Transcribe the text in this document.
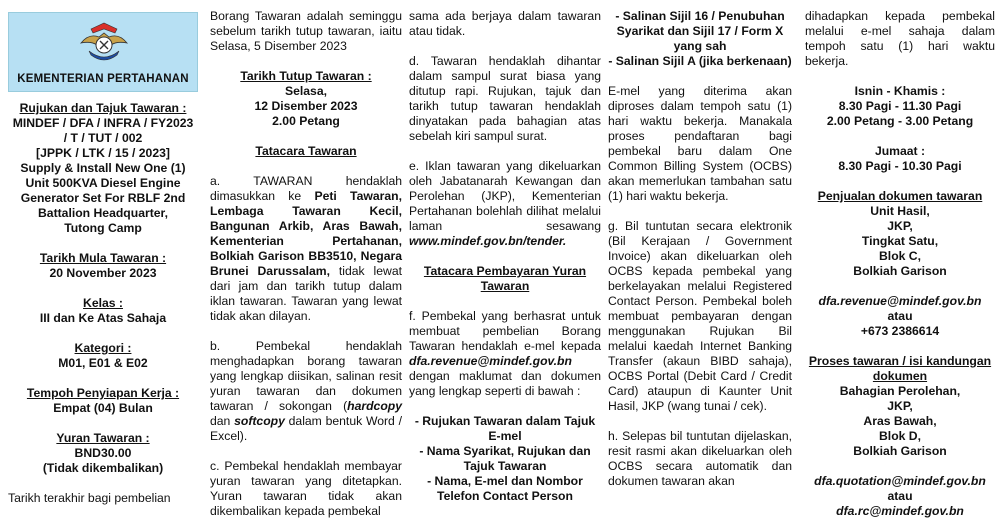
KEMENTERIAN PERTAHANAN
Rujukan dan Tajuk Tawaran :
MINDEF / DFA / INFRA / FY2023
/ T / TUT / 002
[JPPK / LTK / 15 / 2023]
Supply & Install New One (1)
Unit 500KVA Diesel Engine
Generator Set For RBLF 2nd
Battalion Headquarter,
Tutong Camp
Tarikh Mula Tawaran :
20 November 2023
Kelas :
III dan Ke Atas Sahaja
Kategori :
M01, E01 & E02
Tempoh Penyiapan Kerja :
Empat (04) Bulan
Yuran Tawaran :
BND30.00
(Tidak dikembalikan)
Tarikh terakhir bagi pembelian
Borang Tawaran adalah seminggu sebelum tarikh tutup tawaran, iaitu Selasa, 5 Disember 2023
Tarikh Tutup Tawaran :
Selasa,
12 Disember 2023
2.00 Petang
Tatacara Tawaran
a. TAWARAN hendaklah dimasukkan ke Peti Tawaran, Lembaga Tawaran Kecil, Bangunan Arkib, Aras Bawah, Kementerian Pertahanan, Bolkiah Garison BB3510, Negara Brunei Darussalam, tidak lewat dari jam dan tarikh tutup dalam iklan tawaran. Tawaran yang lewat tidak akan dilayan.
b. Pembekal hendaklah menghadapkan borang tawaran yang lengkap diisikan, salinan resit yuran tawaran dan dokumen tawaran / sokongan (hardcopy dan softcopy dalam bentuk Word / Excel).
c. Pembekal hendaklah membayar yuran tawaran yang ditetapkan. Yuran tawaran tidak akan dikembalikan kepada pembekal
sama ada berjaya dalam tawaran atau tidak.
d. Tawaran hendaklah dihantar dalam sampul surat biasa yang ditutup rapi. Rujukan, tajuk dan tarikh tutup tawaran hendaklah dinyatakan pada bahagian atas sebelah kiri sampul surat.
e. Iklan tawaran yang dikeluarkan oleh Jabatanarah Kewangan dan Perolehan (JKP), Kementerian Pertahanan bolehlah dilihat melalui laman sesawang www.mindef.gov.bn/tender.
Tatacara Pembayaran Yuran Tawaran
f. Pembekal yang berhasrat untuk membuat pembelian Borang Tawaran hendaklah e-mel kepada dfa.revenue@mindef.gov.bn dengan maklumat dan dokumen yang lengkap seperti di bawah :
- Rujukan Tawaran dalam Tajuk E-mel
- Nama Syarikat, Rujukan dan Tajuk Tawaran
- Nama, E-mel dan Nombor Telefon Contact Person
- Salinan Sijil 16 / Penubuhan Syarikat dan Sijil 17 / Form X yang sah
- Salinan Sijil A (jika berkenaan)
E-mel yang diterima akan diproses dalam tempoh satu (1) hari waktu bekerja. Manakala proses pendaftaran bagi pembekal baru dalam One Common Billing System (OCBS) akan memerlukan tambahan satu (1) hari waktu bekerja.
g. Bil tuntutan secara elektronik (Bil Kerajaan / Government Invoice) akan dikeluarkan oleh OCBS kepada pembekal yang berkelayakan melalui Registered Contact Person. Pembekal boleh membuat pembayaran dengan menggunakan Rujukan Bil melalui kaedah Internet Banking Transfer (akaun BIBD sahaja), OCBS Portal (Debit Card / Credit Card) ataupun di Kaunter Unit Hasil, JKP (wang tunai / cek).
h. Selepas bil tuntutan dijelaskan, resit rasmi akan dikeluarkan oleh OCBS secara automatik dan dokumen tawaran akan
dihadapkan kepada pembekal melalui e-mel sahaja dalam tempoh satu (1) hari waktu bekerja.
Isnin - Khamis :
8.30 Pagi - 11.30 Pagi
2.00 Petang - 3.00 Petang
Jumaat :
8.30 Pagi - 10.30 Pagi
Penjualan dokumen tawaran
Unit Hasil,
JKP,
Tingkat Satu,
Blok C,
Bolkiah Garison
dfa.revenue@mindef.gov.bn
atau
+673 2386614
Proses tawaran / isi kandungan dokumen
Bahagian Perolehan,
JKP,
Aras Bawah,
Blok D,
Bolkiah Garison
dfa.quotation@mindef.gov.bn
atau
dfa.rc@mindef.gov.bn
